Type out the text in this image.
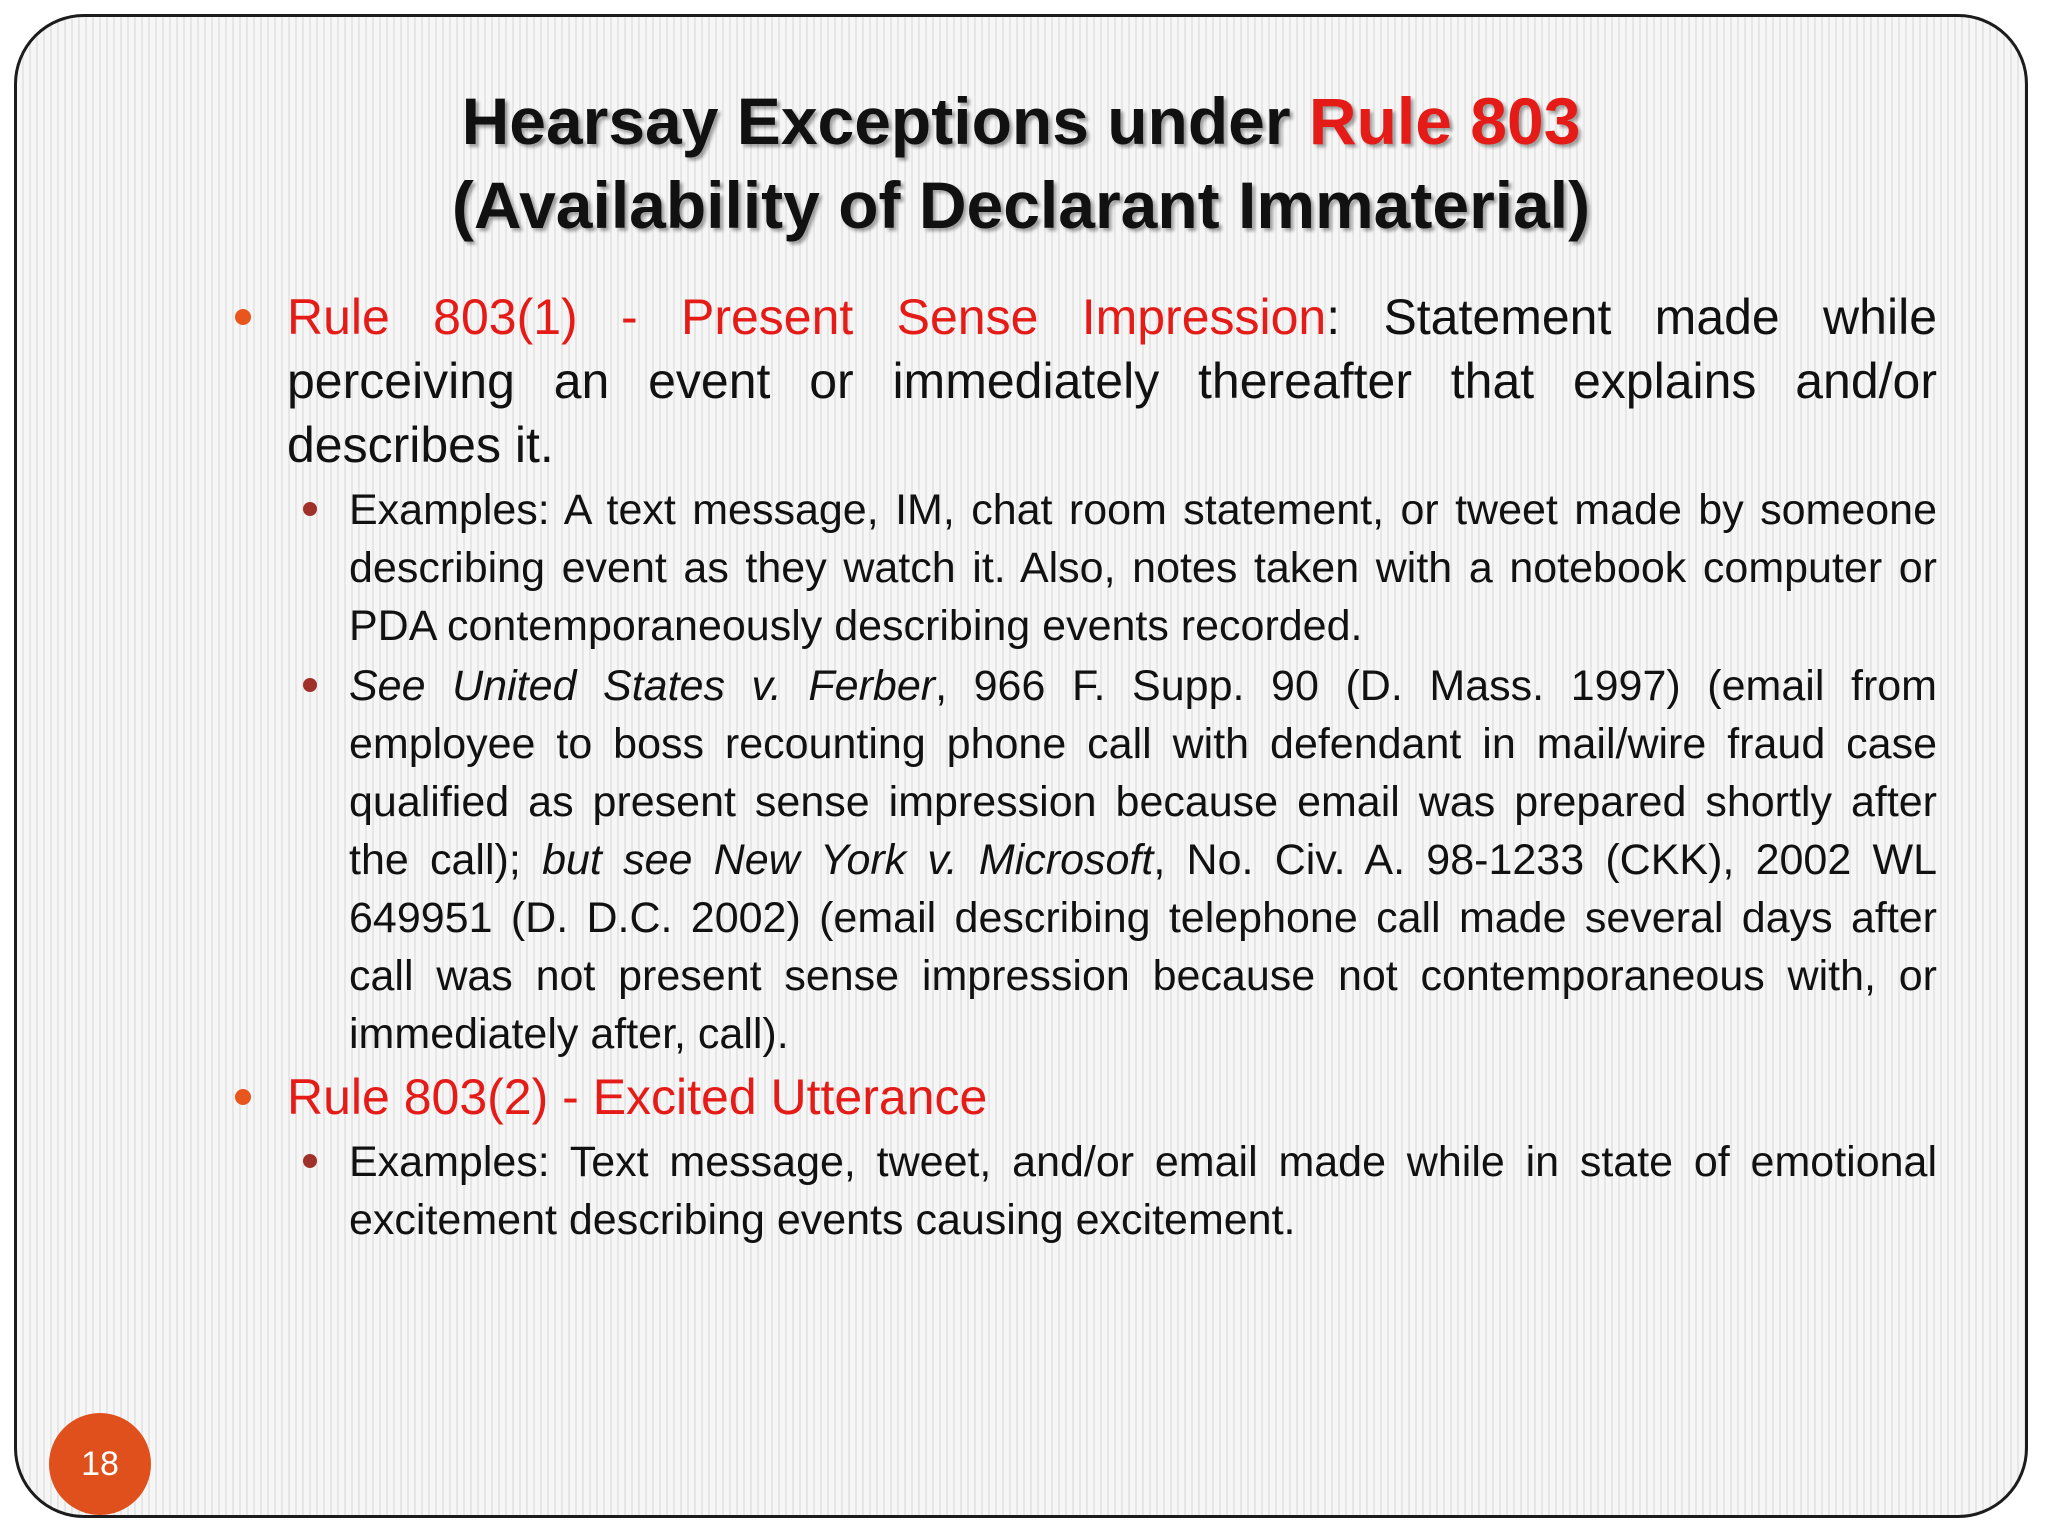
Hearsay Exceptions under Rule 803
(Availability of Declarant Immaterial)
Rule 803(1) - Present Sense Impression: Statement made while perceiving an event or immediately thereafter that explains and/or describes it.
Examples: A text message, IM, chat room statement, or tweet made by someone describing event as they watch it. Also, notes taken with a notebook computer or PDA contemporaneously describing events recorded.
See United States v. Ferber, 966 F. Supp. 90 (D. Mass. 1997) (email from employee to boss recounting phone call with defendant in mail/wire fraud case qualified as present sense impression because email was prepared shortly after the call); but see New York v. Microsoft, No. Civ. A. 98-1233 (CKK), 2002 WL 649951 (D. D.C. 2002) (email describing telephone call made several days after call was not present sense impression because not contemporaneous with, or immediately after, call).
Rule 803(2) - Excited Utterance
Examples: Text message, tweet, and/or email made while in state of emotional excitement describing events causing excitement.
18
